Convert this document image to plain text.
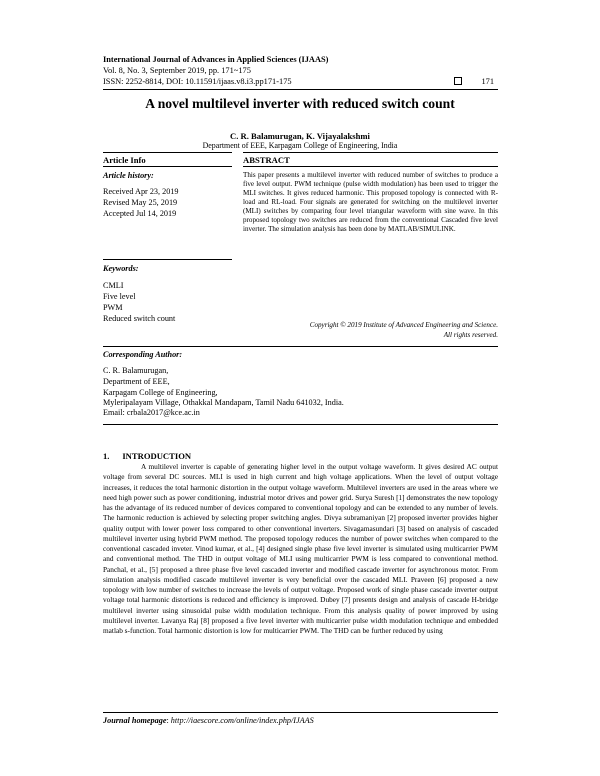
International Journal of Advances in Applied Sciences (IJAAS)
Vol. 8, No. 3, September 2019, pp. 171~175
ISSN: 2252-8814, DOI: 10.11591/ijaas.v8.i3.pp171-175	171
A novel multilevel inverter with reduced switch count
C. R. Balamurugan, K. Vijayalakshmi
Department of EEE, Karpagam College of Engineering, India
Article Info	ABSTRACT
Article history:
Received Apr 23, 2019
Revised May 25, 2019
Accepted Jul 14, 2019
Keywords:
CMLI
Five level
PWM
Reduced switch count
This paper presents a multilevel inverter with reduced number of switches to produce a five level output. PWM technique (pulse width modulation) has been used to trigger the MLI switches. It gives reduced harmonic. This proposed topology is connected with R-load and RL-load. Four signals are generated for switching on the multilevel inverter (MLI) switches by comparing four level triangular waveform with sine wave. In this proposed topology two switches are reduced from the conventional Cascaded five level inverter. The simulation analysis has been done by MATLAB/SIMULINK.
Copyright © 2019 Institute of Advanced Engineering and Science.
All rights reserved.
Corresponding Author:
C. R. Balamurugan,
Department of EEE,
Karpagam College of Engineering,
Myleripalayam Village, Othakkal Mandapam, Tamil Nadu 641032, India.
Email: crbala2017@kce.ac.in
1.      INTRODUCTION

A multilevel inverter is capable of generating higher level in the output voltage waveform. It gives desired AC output voltage from several DC sources. MLI is used in high current and high voltage applications. When the level of output voltage increases, it reduces the total harmonic distortion in the output voltage waveform. Multilevel inverters are used in the areas where we need high power such as power conditioning, industrial motor drives and power grid. Surya Suresh [1] demonstrates the new topology has the advantage of its reduced number of devices compared to conventional topology and can be extended to any number of levels. The harmonic reduction is achieved by selecting proper switching angles. Divya subramaniyan [2] proposed inverter provides higher quality output with lower power loss compared to other conventional inverters. Sivagamasundari [3] based on analysis of cascaded multilevel inverter using hybrid PWM method. The proposed topology reduces the number of power switches when compared to the conventional cascaded inveter. Vinod kumar, et al., [4] designed single phase five level inverter is simulated using multicarrier PWM and conventional method. The THD in output voltage of MLI using multicarrier PWM is less compared to conventional method. Panchal, et al., [5] proposed a three phase five level cascaded inverter and modified cascade inverter for asynchronous motor. From simulation analysis modified cascade multilevel inverter is very beneficial over the cascaded MLI. Praveen [6] proposed a new topology with low number of switches to increase the levels of output voltage. Proposed work of single phase cascade inverter output voltage total harmonic distortions is reduced and efficiency is improved. Dubey [7] presents design and analysis of cascade H-bridge multilevel inverter using sinusoidal pulse width modulation technique. From this analysis quality of power improved by using multilevel inverter. Lavanya Raj [8] proposed a five level inverter with multicarrier pulse width modulation technique and embedded matlab s-function. Total harmonic distortion is low for multicarrier PWM. The THD can be further reduced by using

Journal homepage: http://iaescore.com/online/index.php/IJAAS
